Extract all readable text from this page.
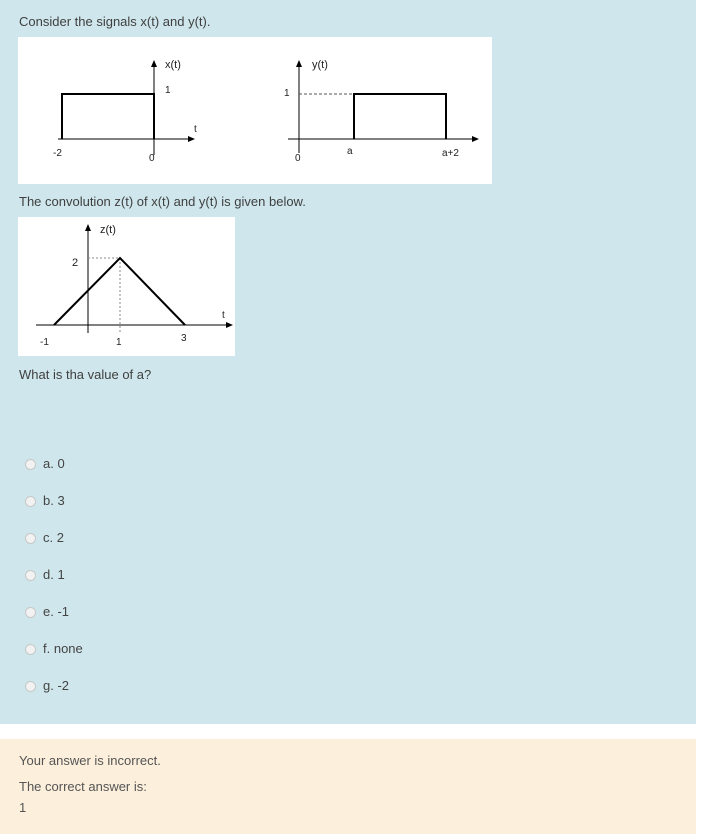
Consider the signals x(t) and y(t).
x(t)
1
t
-2	0
y(t)
1
0
a	a+2
The convolution z(t) of x(t) and y(t) is given below.
z(t)
2
t
-1	1	3
What is tha value of a?
a. 0
b. 3
c. 2
d. 1
e. -1
f. none
g. -2
Your answer is incorrect.
The correct answer is:
1
